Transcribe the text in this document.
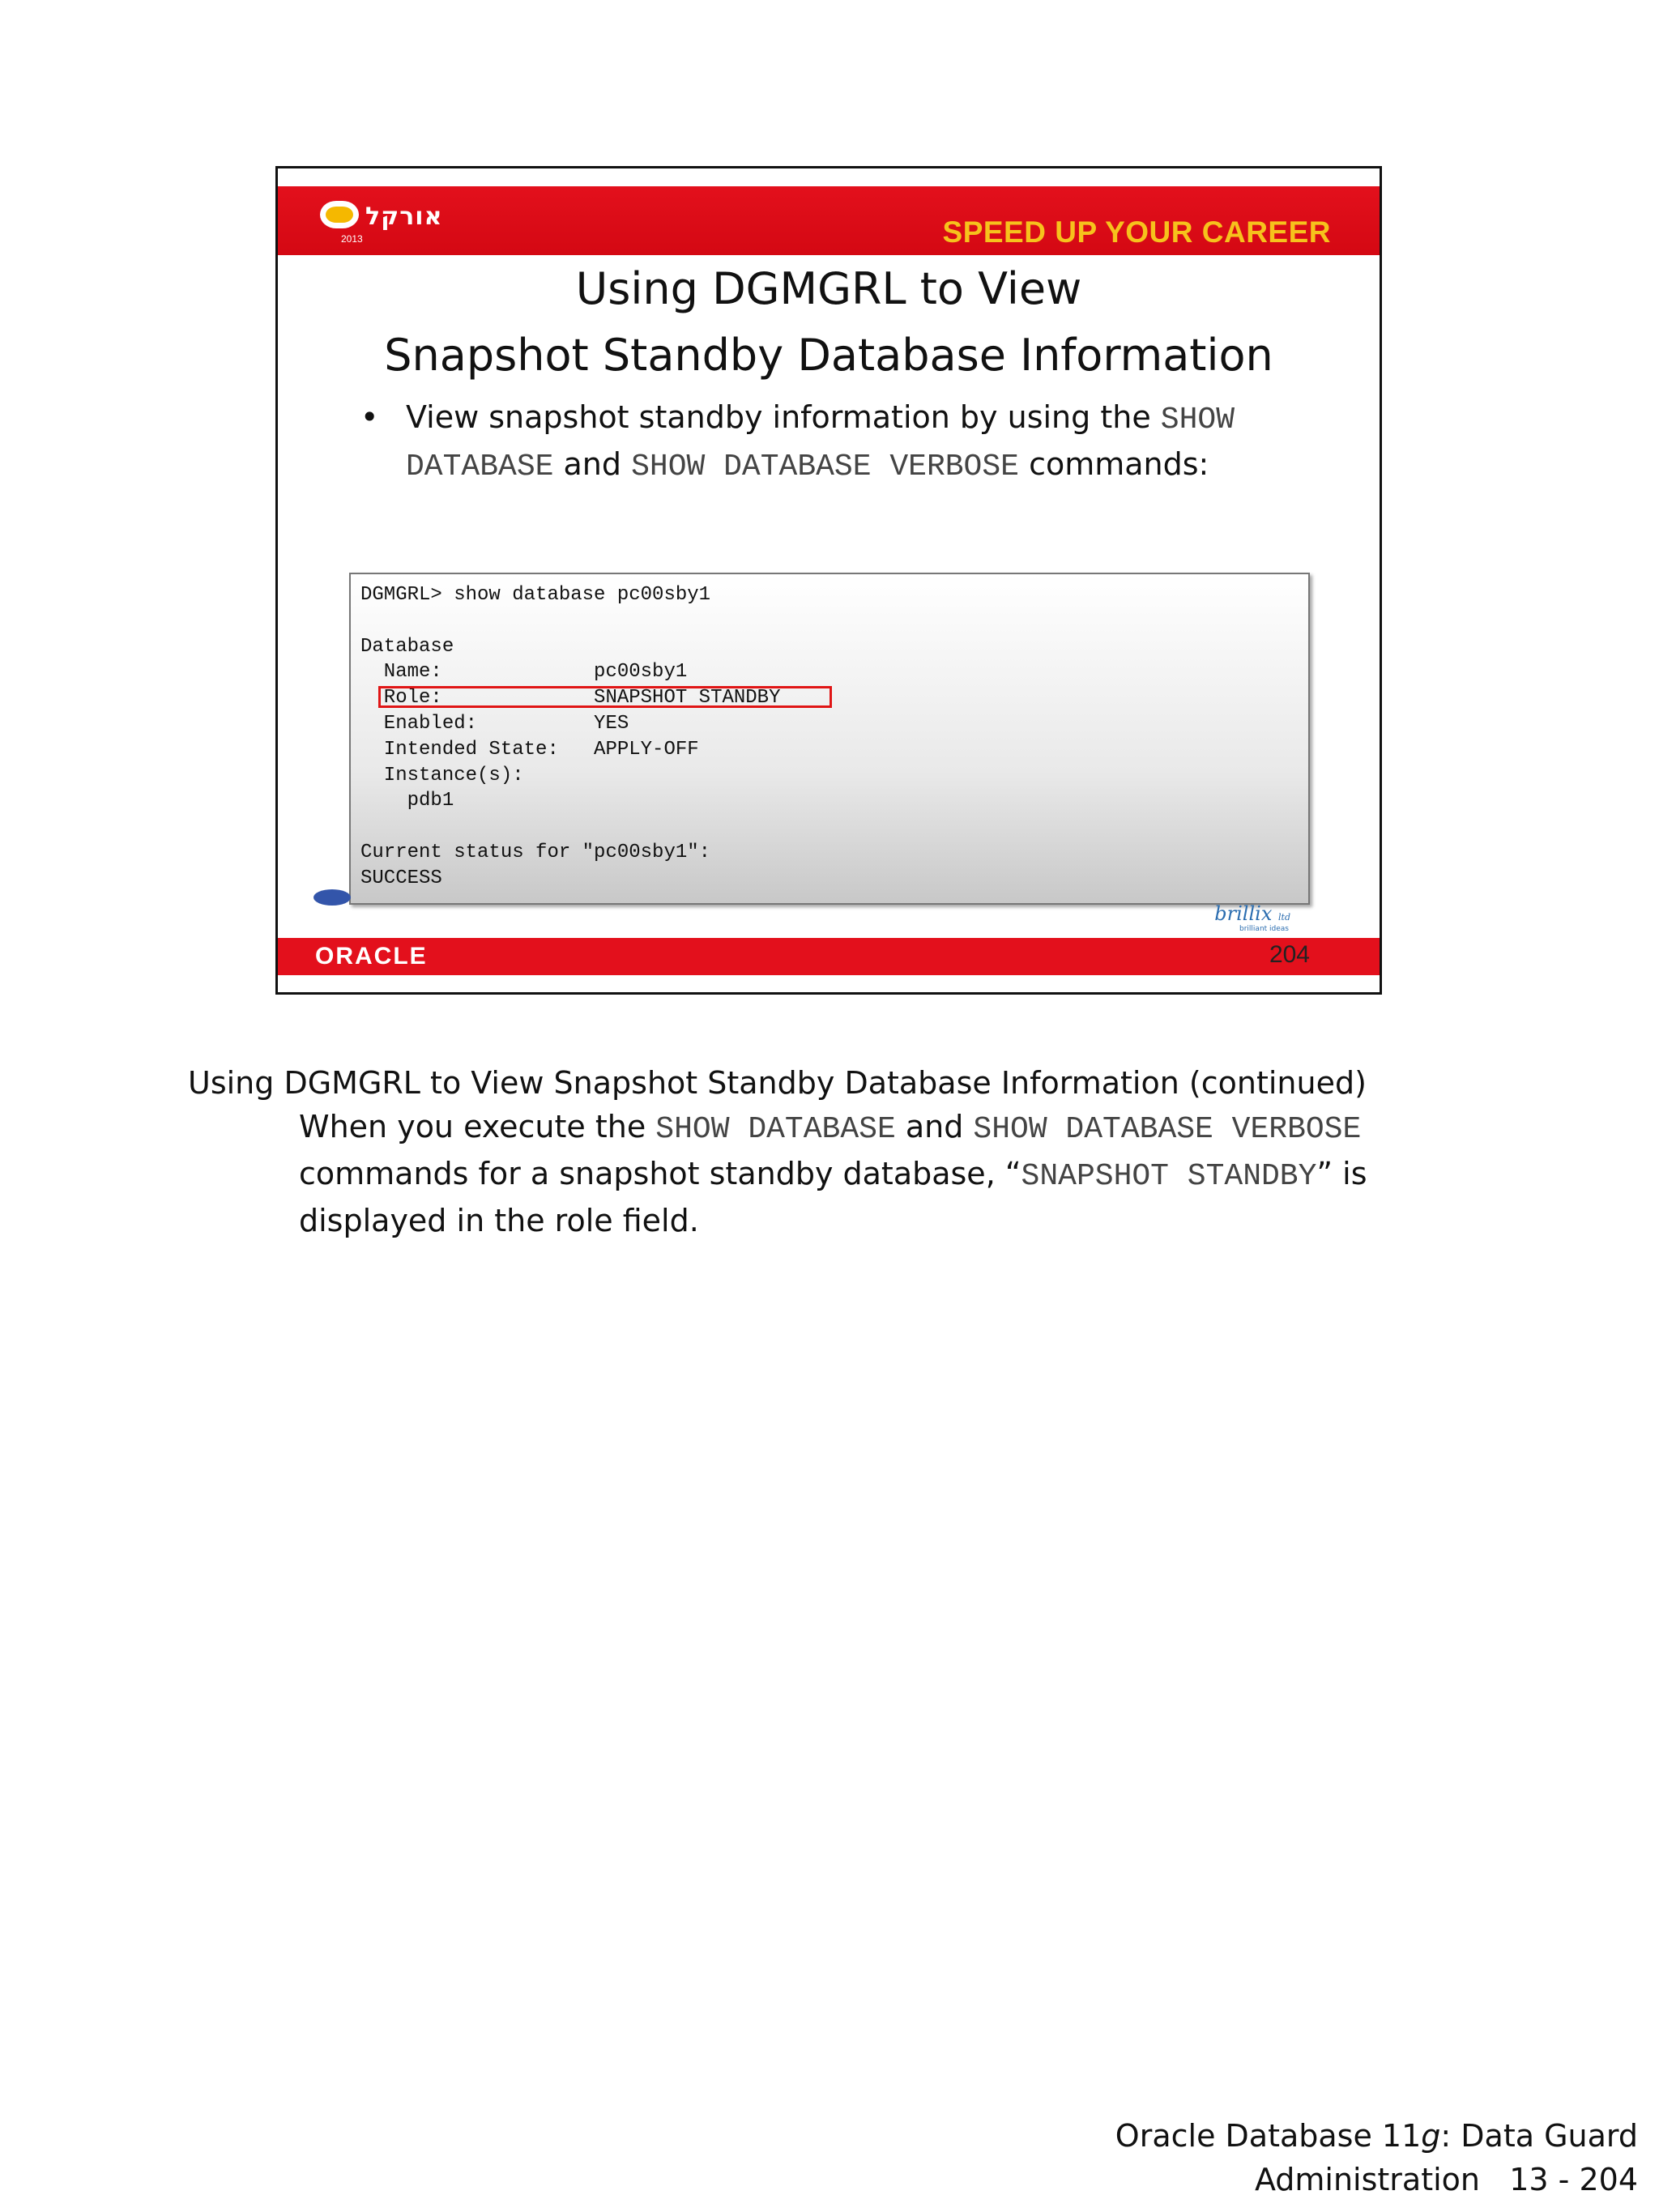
אורקל
2013	SPEED UP YOUR CAREER
Using DGMGRL to View
Snapshot Standby Database Information
• View snapshot standby information by using the SHOW DATABASE and SHOW DATABASE VERBOSE commands:
DGMGRL> show database pc00sby1

Database
Name:             pc00sby1
Role:             SNAPSHOT STANDBY
Enabled:          YES
Intended State:   APPLY-OFF
Instance(s):
pdb1

Current status for "pc00sby1":
SUCCESS
brillix ltd
brilliant ideas
ORACLE	204
Using DGMGRL to View Snapshot Standby Database Information (continued)
When you execute the SHOW DATABASE and SHOW DATABASE VERBOSE commands for a snapshot standby database, “SNAPSHOT STANDBY” is displayed in the role field.
Oracle Database 11g: Data Guard
Administration   13 - 204
